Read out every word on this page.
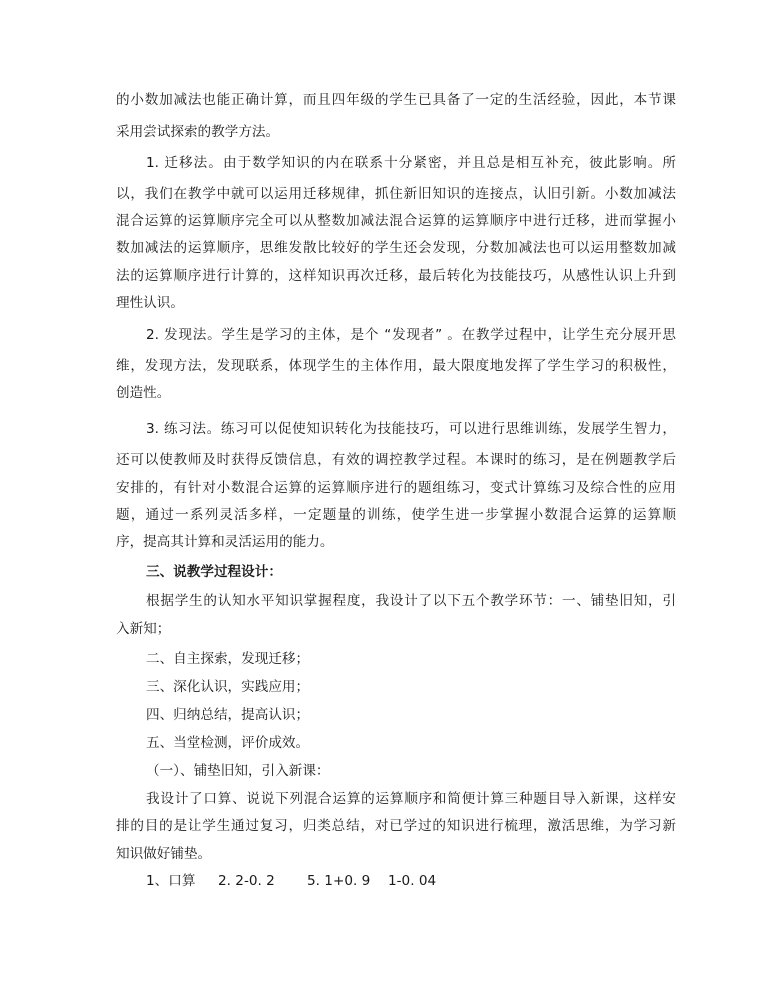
的小数加减法也能正确计算，而且四年级的学生已具备了一定的生活经验，因此，本节课
采用尝试探索的教学方法。
1. 迁移法。由于数学知识的内在联系十分紧密，并且总是相互补充，彼此影响。所
以，我们在教学中就可以运用迁移规律，抓住新旧知识的连接点，认旧引新。小数加减法
混合运算的运算顺序完全可以从整数加减法混合运算的运算顺序中进行迁移，进而掌握小
数加减法的运算顺序，思维发散比较好的学生还会发现，分数加减法也可以运用整数加减
法的运算顺序进行计算的，这样知识再次迁移，最后转化为技能技巧，从感性认识上升到
理性认识。
2. 发现法。学生是学习的主体，是个 “发现者” 。在教学过程中，让学生充分展开思
维，发现方法，发现联系，体现学生的主体作用，最大限度地发挥了学生学习的积极性，
创造性。
3. 练习法。练习可以促使知识转化为技能技巧，可以进行思维训练，发展学生智力，
还可以使教师及时获得反馈信息，有效的调控教学过程。本课时的练习，是在例题教学后
安排的，有针对小数混合运算的运算顺序进行的题组练习，变式计算练习及综合性的应用
题，通过一系列灵活多样，一定题量的训练，使学生进一步掌握小数混合运算的运算顺
序，提高其计算和灵活运用的能力。
三、说教学过程设计：
根据学生的认知水平知识掌握程度，我设计了以下五个教学环节：一、铺垫旧知，引
入新知；
二、自主探索，发现迁移；
三、深化认识，实践应用；
四、归纳总结，提高认识；
五、当堂检测，评价成效。
（一）、铺垫旧知，引入新课：
我设计了口算、说说下列混合运算的运算顺序和简便计算三种题目导入新课，这样安
排的目的是让学生通过复习，归类总结，对已学过的知识进行梳理，激活思维，为学习新
知识做好铺垫。
1、口算 2. 2-0. 2 5. 1+0. 9 1-0. 04
